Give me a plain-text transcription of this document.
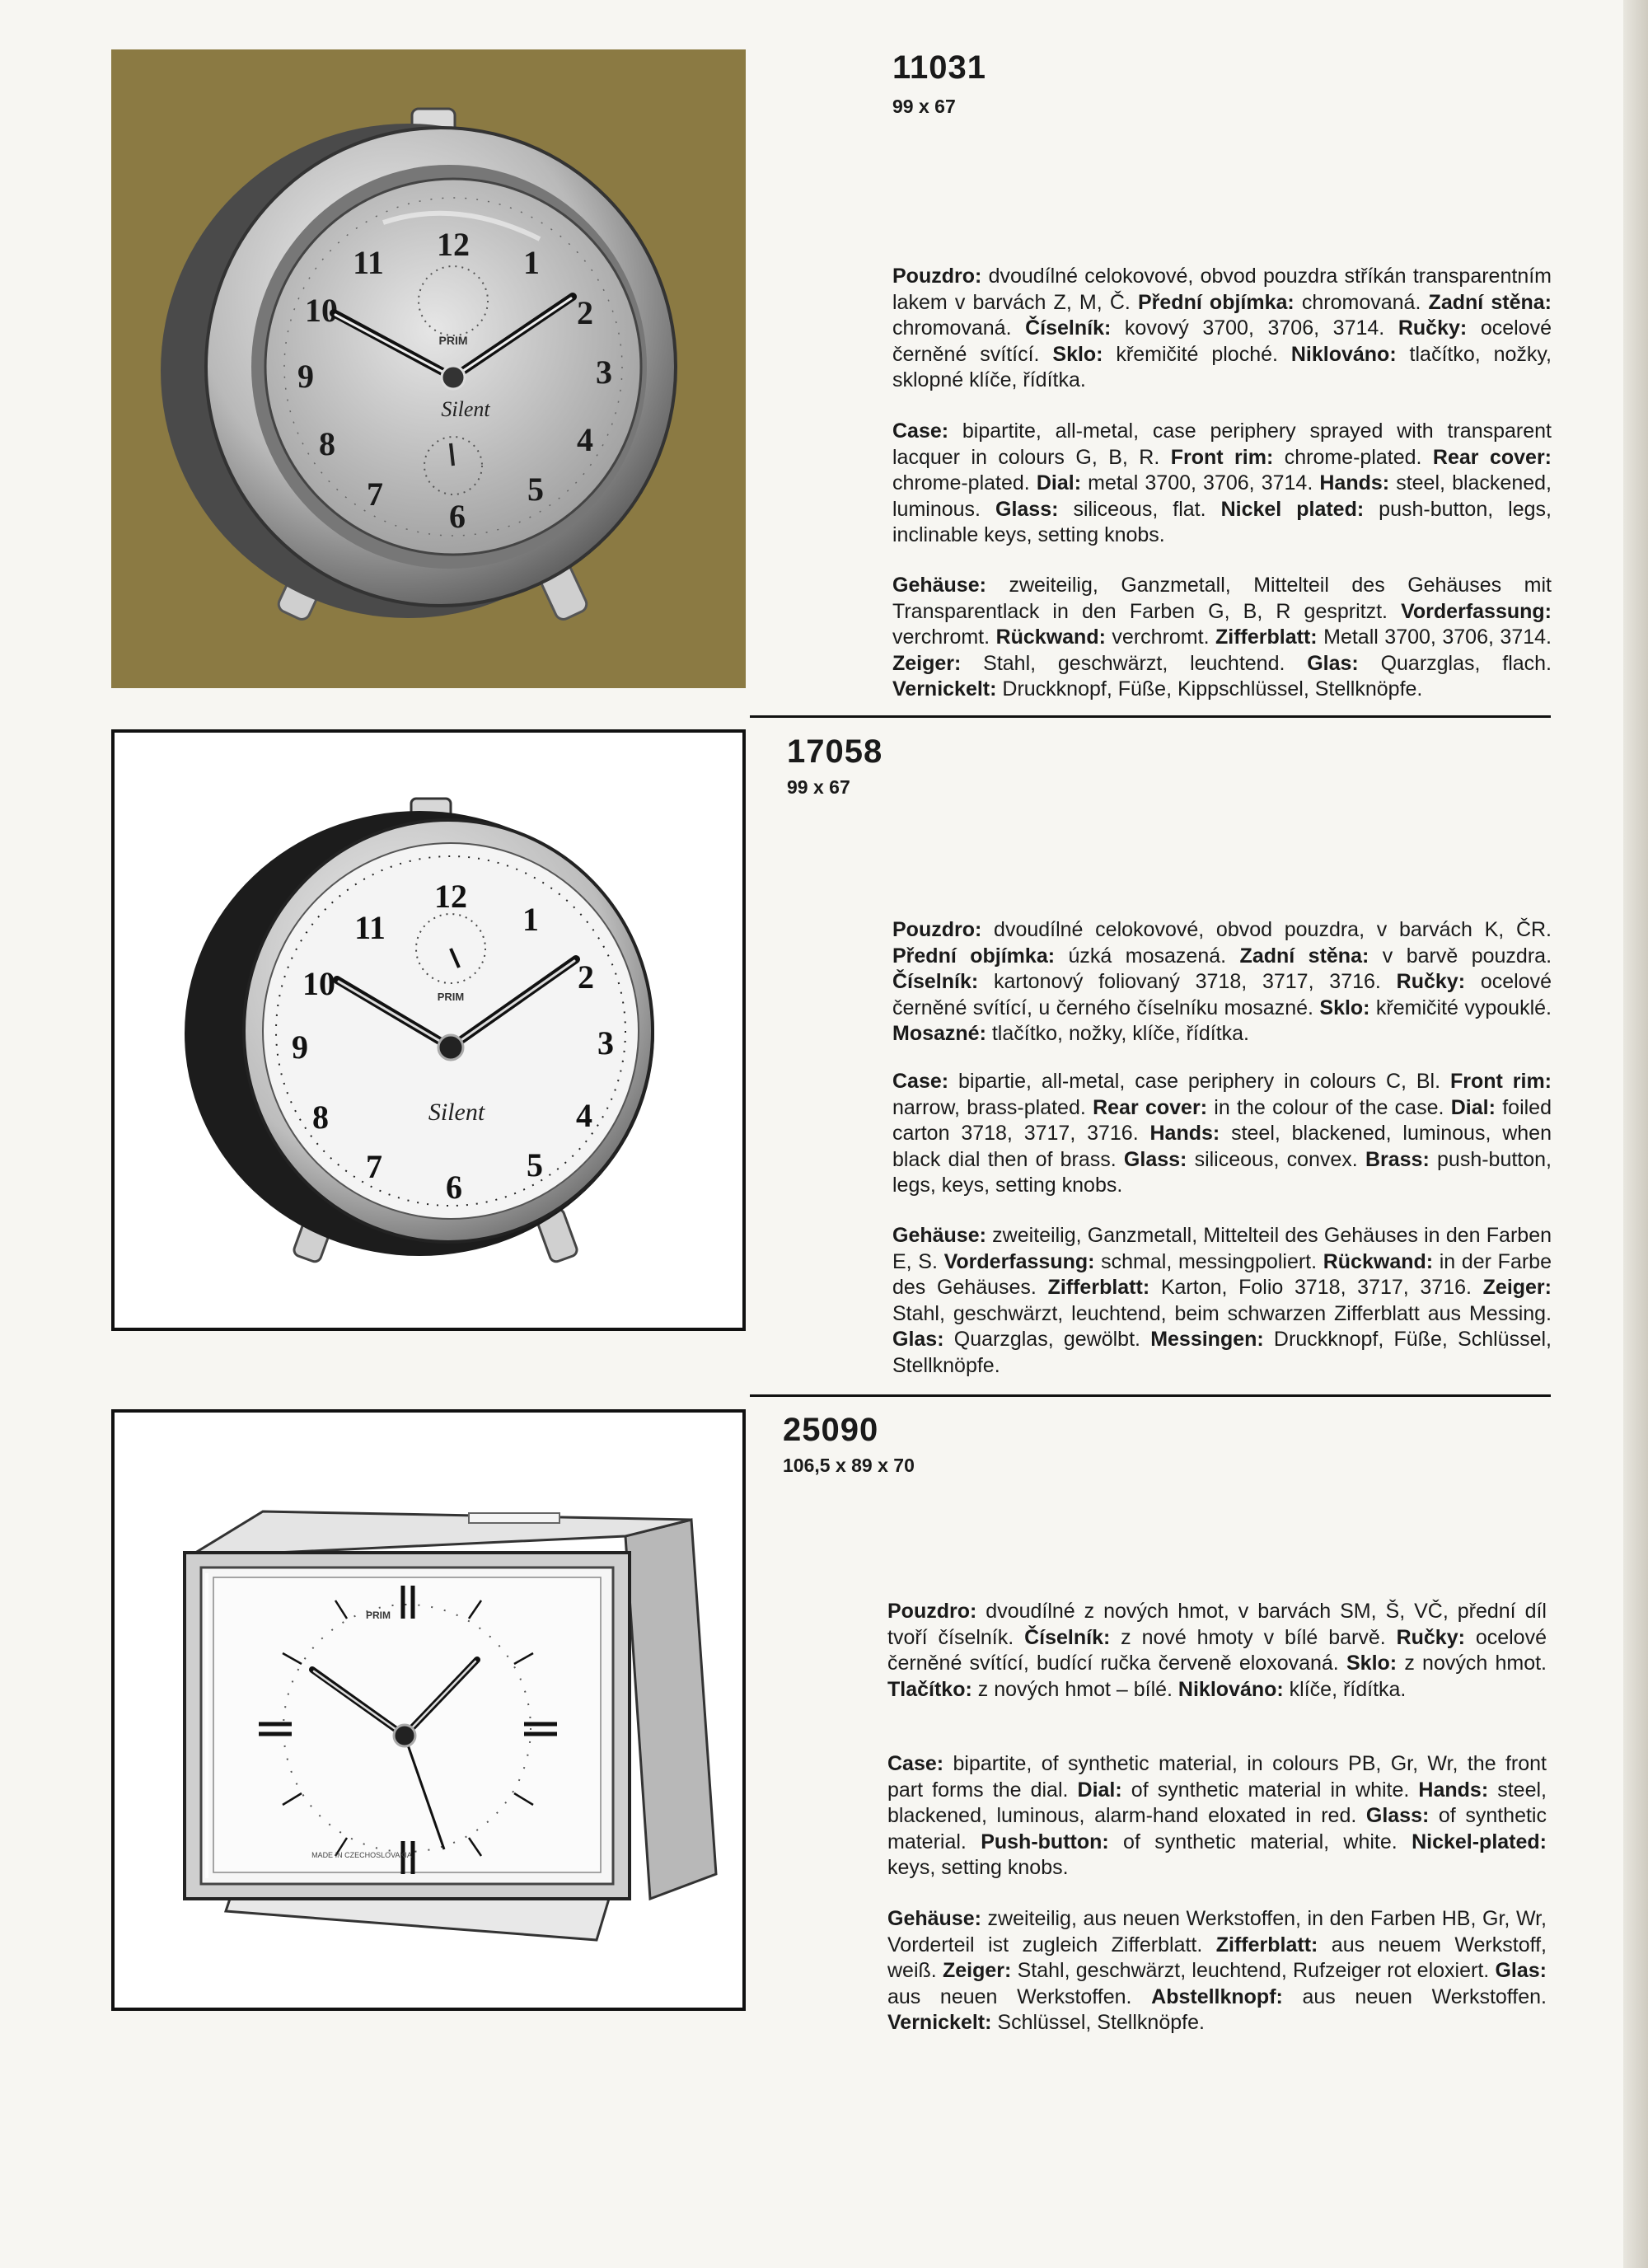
12 1
2
3
4
5
6
7
8
9
10
11
PRIM
Silent
11031
99 x 67

Pouzdro: dvoudílné celokovové, obvod pouzdra stříkán transparentním lakem v barvách Z, M, Č. Přední objímka: chromovaná. Zadní stěna: chromovaná. Číselník: kovový 3700, 3706, 3714. Ručky: ocelové černěné svítící. Sklo: křemičité ploché. Niklováno: tlačítko, nožky, sklopné klíče, řídítka.

Case: bipartite, all-metal, case periphery sprayed with transparent lacquer in colours G, B, R. Front rim: chrome-plated. Rear cover: chrome-plated. Dial: metal 3700, 3706, 3714. Hands: steel, blackened, luminous. Glass: siliceous, flat. Nickel plated: push-button, legs, inclinable keys, setting knobs.

Gehäuse: zweiteilig, Ganzmetall, Mittelteil des Gehäuses mit Transparentlack in den Farben G, B, R gespritzt. Vorderfassung: verchromt. Rückwand: verchromt. Zifferblatt: Metall 3700, 3706, 3714. Zeiger: Stahl, geschwärzt, leuchtend. Glas: Quarzglas, flach. Vernickelt: Druckknopf, Füße, Kippschlüssel, Stellknöpfe.

12
1
2
3
4
5
6
7
8
9
10
11
PRIM
Silent
17058
99 x 67

Pouzdro: dvoudílné celokovové, obvod pouzdra, v barvách K, ČR. Přední objímka: úzká mosazená. Zadní stěna: v barvě pouzdra. Číselník: kartonový foliovaný 3718, 3717, 3716. Ručky: ocelové černěné svítící, u černého číselníku mosazné. Sklo: křemičité vypouklé. Mosazné: tlačítko, nožky, klíče, řídítka.

Case: bipartie, all-metal, case periphery in colours C, Bl. Front rim: narrow, brass-plated. Rear cover: in the colour of the case. Dial: foiled carton 3718, 3717, 3716. Hands: steel, blackened, luminous, when black dial then of brass. Glass: siliceous, convex. Brass: push-button, legs, keys, setting knobs.

Gehäuse: zweiteilig, Ganzmetall, Mittelteil des Gehäuses in den Farben E, S. Vorderfassung: schmal, messingpoliert. Rückwand: in der Farbe des Gehäuses. Zifferblatt: Karton, Folio 3718, 3717, 3716. Zeiger: Stahl, geschwärzt, leuchtend, beim schwarzen Zifferblatt aus Messing. Glas: Quarzglas, gewölbt. Messingen: Druckknopf, Füße, Schlüssel, Stellknöpfe.

PRIM
MADE IN CZECHOSLOVAKIA
25090
106,5 x 89 x 70

Pouzdro: dvoudílné z nových hmot, v barvách SM, Š, VČ, přední díl tvoří číselník. Číselník: z nové hmoty v bílé barvě. Ručky: ocelové černěné svítící, budící ručka červeně eloxovaná. Sklo: z nových hmot. Tlačítko: z nových hmot – bílé. Niklováno: klíče, řídítka.

Case: bipartite, of synthetic material, in colours PB, Gr, Wr, the front part forms the dial. Dial: of synthetic material in white. Hands: steel, blackened, luminous, alarm-hand eloxated in red. Glass: of synthetic material. Push-button: of synthetic material, white. Nickel-plated: keys, setting knobs.

Gehäuse: zweiteilig, aus neuen Werkstoffen, in den Farben HB, Gr, Wr, Vorderteil ist zugleich Zifferblatt. Zifferblatt: aus neuem Werkstoff, weiß. Zeiger: Stahl, geschwärzt, leuchtend, Rufzeiger rot eloxiert. Glas: aus neuen Werkstoffen. Abstellknopf: aus neuen Werkstoffen. Vernickelt: Schlüssel, Stellknöpfe.
